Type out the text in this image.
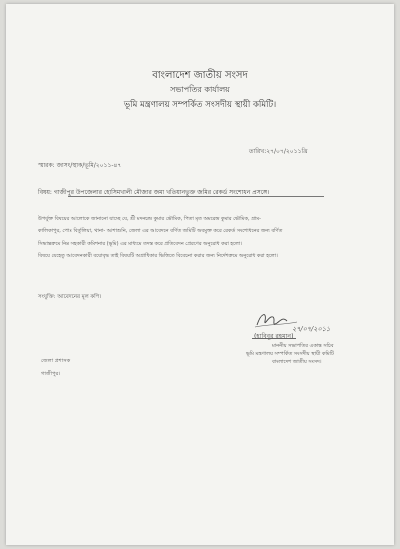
বাংলাদেশ জাতীয় সংসদ
সভাপতির কার্যালয়
ভূমি মন্ত্রণালয় সম্পর্কিত সংসদীয় স্থায়ী কমিটি।
তারিখ:২৭/০৭/২০১১খ্রি
স্মারক: জাসং/স্থাক/ভূমি/২০১১-৪৭
বিষয়: গাজীপুর উপজেলার হোসিমখালী মৌজার জমা খতিয়ানভুক্ত জমির রেকর্ড সংশোধন প্রসঙ্গে।
উপর্যুক্ত বিষয়ের আলোকে জানানো যাচ্ছে যে, শ্রী মদনচন্দ্র কুমার ভৌমিক, পিতা মৃত অমরেন্দ্র কুমার ভৌমিক, গ্রাম-
কালিকাপুর, পোঃ বির্তুলিয়া, থানা- আশাশুনি, জেলা এর আবেদনে বর্ণিত জমিটি অবমুক্ত করে রেকর্ড সংশোধনের জন্য বর্ণিত
সিদ্ধান্তক্রমে নিম্ন সহকারী কমিশনার (ভূমি) এর মাধ্যমে তদন্ত করে প্রতিবেদন প্রেরণের অনুরোধ করা হলো।
বিষয়ে যেহেতু আবেদনকারী বয়োবৃদ্ধ তাই বিষয়টি অগ্রাধিকার ভিত্তিতে বিবেচনা করার জন্য নির্দেশক্রমে অনুরোধ করা হলো।
সংযুক্তি: আবেদনের মূল কপি।
২৭/০৭/২০১১
(হাবিবুর রহমান)
মাননীয় সভাপতির একান্ত সচিব
ভূমি মন্ত্রণালয় সম্পর্কিত সংসদীয় স্থায়ী কমিটি
বাংলাদেশ জাতীয় সংসদ।
জেলা প্রশাসক
গাজীপুর।
